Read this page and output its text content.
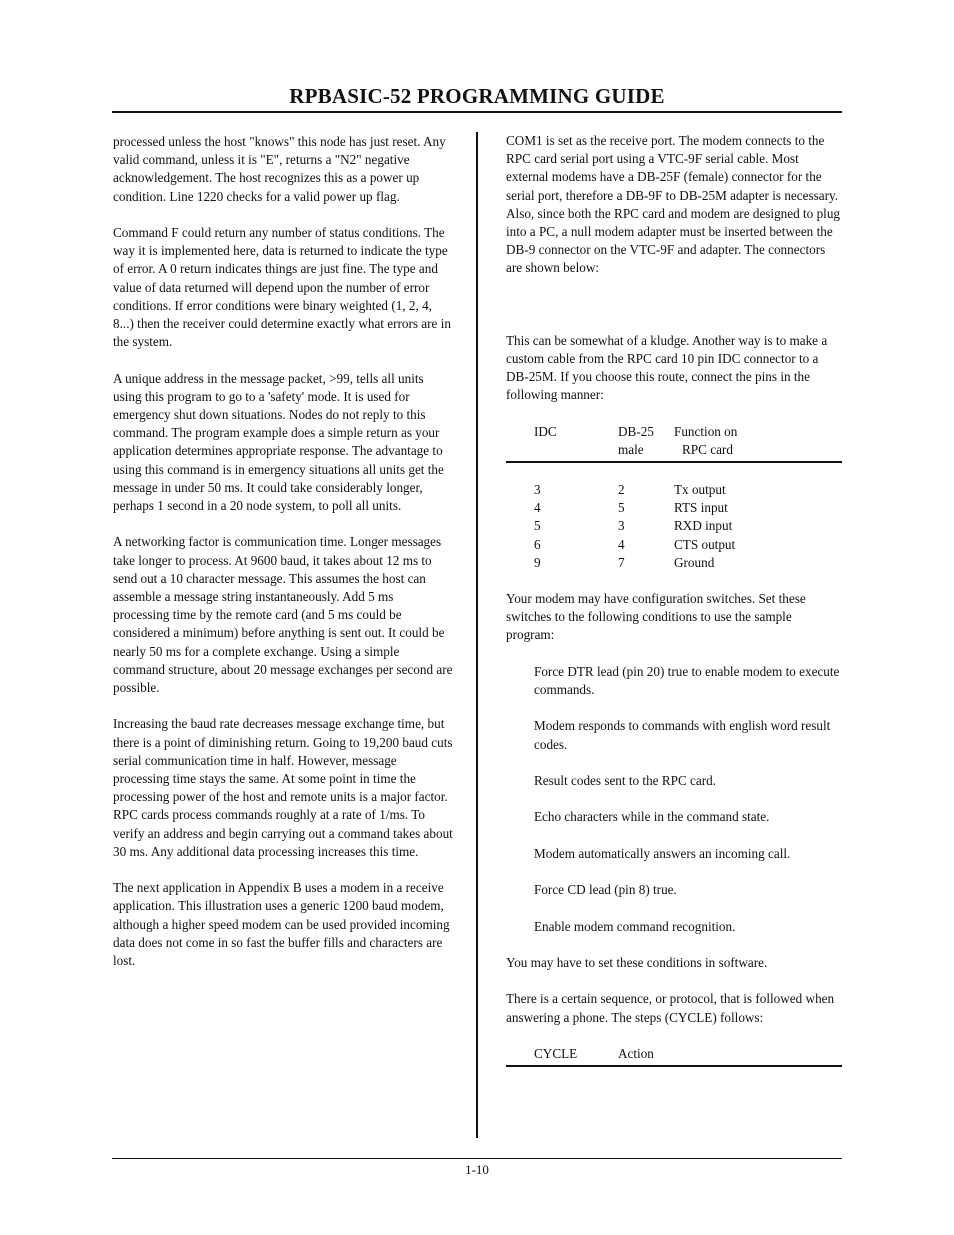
RPBASIC-52 PROGRAMMING GUIDE

processed unless the host "knows" this node has just reset. Any valid command, unless it is "E", returns a "N2" negative acknowledgement. The host recognizes this as a power up condition. Line 1220 checks for a valid power up flag.

Command F could return any number of status conditions. The way it is implemented here, data is returned to indicate the type of error. A 0 return indicates things are just fine. The type and value of data returned will depend upon the number of error conditions. If error conditions were binary weighted (1, 2, 4, 8...) then the receiver could determine exactly what errors are in the system.

A unique address in the message packet, >99, tells all units using this program to go to a 'safety' mode. It is used for emergency shut down situations. Nodes do not reply to this command. The program example does a simple return as your application determines appropriate response. The advantage to using this command is in emergency situations all units get the message in under 50 ms. It could take considerably longer, perhaps 1 second in a 20 node system, to poll all units.

A networking factor is communication time. Longer messages take longer to process. At 9600 baud, it takes about 12 ms to send out a 10 character message. This assumes the host can assemble a message string instantaneously. Add 5 ms processing time by the remote card (and 5 ms could be considered a minimum) before anything is sent out. It could be nearly 50 ms for a complete exchange. Using a simple command structure, about 20 message exchanges per second are possible.

Increasing the baud rate decreases message exchange time, but there is a point of diminishing return. Going to 19,200 baud cuts serial communication time in half. However, message processing time stays the same. At some point in time the processing power of the host and remote units is a major factor. RPC cards process commands roughly at a rate of 1/ms. To verify an address and begin carrying out a command takes about 30 ms. Any additional data processing increases this time.

The next application in Appendix B uses a modem in a receive application. This illustration uses a generic 1200 baud modem, although a higher speed modem can be used provided incoming data does not come in so fast the buffer fills and characters are lost.

COM1 is set as the receive port. The modem connects to the RPC card serial port using a VTC-9F serial cable. Most external modems have a DB-25F (female) connector for the serial port, therefore a DB-9F to DB-25M adapter is necessary. Also, since both the RPC card and modem are designed to plug into a PC, a null modem adapter must be inserted between the DB-9 connector on the VTC-9F and adapter. The connectors are shown below:

This can be somewhat of a kludge. Another way is to make a custom cable from the RPC card 10 pin IDC connector to a DB-25M. If you choose this route, connect the pins in the following manner:

IDC	DB-25	Function on
	male	RPC card
3	2	Tx output
4	5	RTS input
5	3	RXD input
6	4	CTS output
9	7	Ground

Your modem may have configuration switches. Set these switches to the following conditions to use the sample program:

Force DTR lead (pin 20) true to enable modem to execute commands.

Modem responds to commands with english word result codes.

Result codes sent to the RPC card.

Echo characters while in the command state.

Modem automatically answers an incoming call.

Force CD lead (pin 8) true.

Enable modem command recognition.

You may have to set these conditions in software.

There is a certain sequence, or protocol, that is followed when answering a phone. The steps (CYCLE) follows:

CYCLE	Action
1-10
